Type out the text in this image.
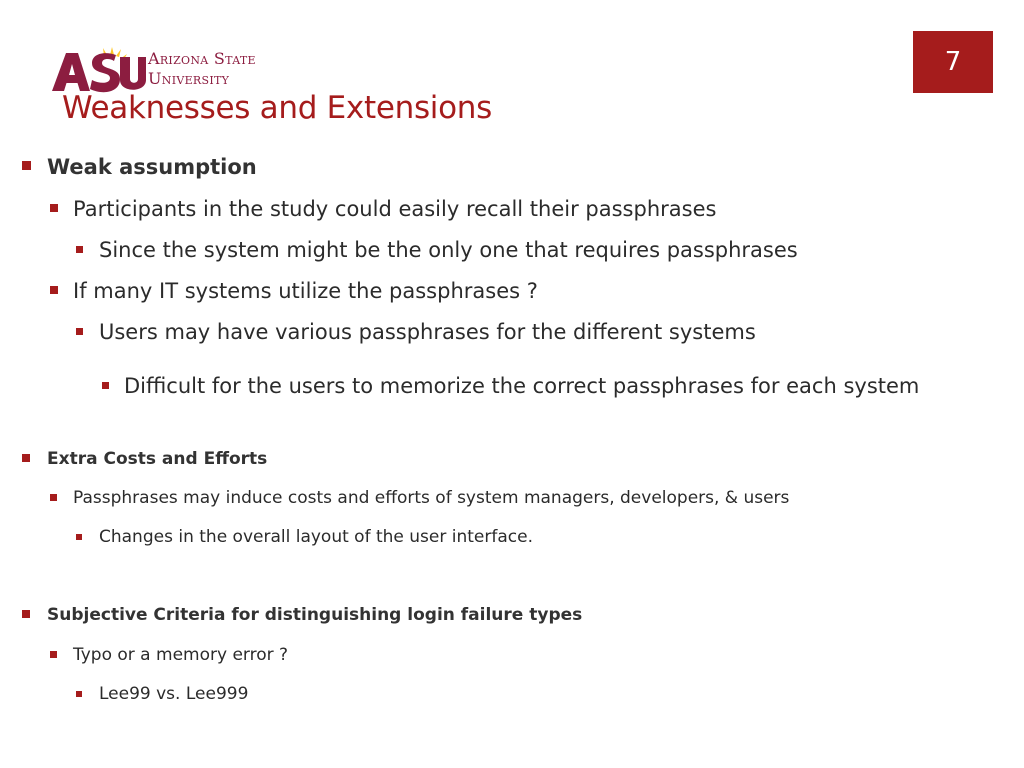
Arizona State
University
7
Weaknesses and Extensions
Weak assumption
Participants in the study could easily recall their passphrases
Since the system might be the only one that requires passphrases
If many IT systems utilize the passphrases ?
Users may have various passphrases for the different systems
Difficult for the users to memorize the correct passphrases for each system
Extra Costs and Efforts
Passphrases may induce costs and efforts of system managers, developers, & users
Changes in the overall layout of the user interface.
Subjective Criteria for distinguishing login failure types
Typo or a memory error ?
Lee99 vs. Lee999
